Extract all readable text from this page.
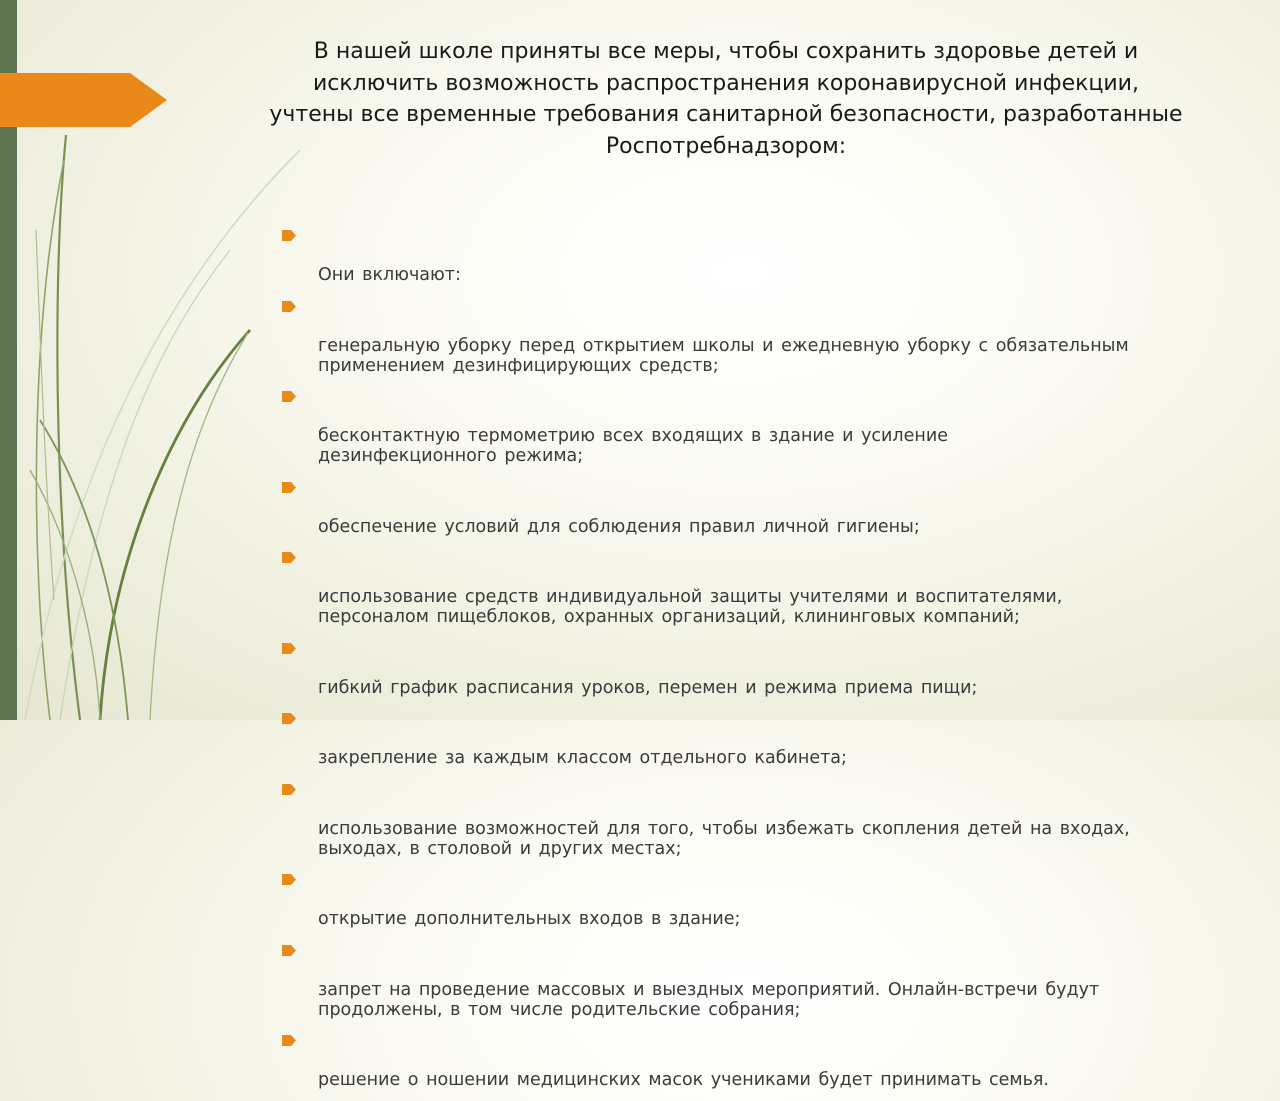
В нашей школе приняты все меры, чтобы сохранить здоровье детей и
исключить возможность распространения коронавирусной инфекции,
учтены все временные требования санитарной безопасности, разработанные
Роспотребнадзором:

Они включают:

генеральную уборку перед открытием школы и ежедневную уборку с обязательным
применением дезинфицирующих средств;

бесконтактную термометрию всех входящих в здание и усиление
дезинфекционного режима;

обеспечение условий для соблюдения правил личной гигиены;

использование средств индивидуальной защиты учителями и воспитателями,
персоналом пищеблоков, охранных организаций, клининговых компаний;

гибкий график расписания уроков, перемен и режима приема пищи;

закрепление за каждым классом отдельного кабинета;

использование возможностей для того, чтобы избежать скопления детей на входах,
выходах, в столовой и других местах;

открытие дополнительных входов в здание;

запрет на проведение массовых и выездных мероприятий. Онлайн-встречи будут
продолжены, в том числе родительские собрания;

решение о ношении медицинских масок учениками будет принимать семья.
